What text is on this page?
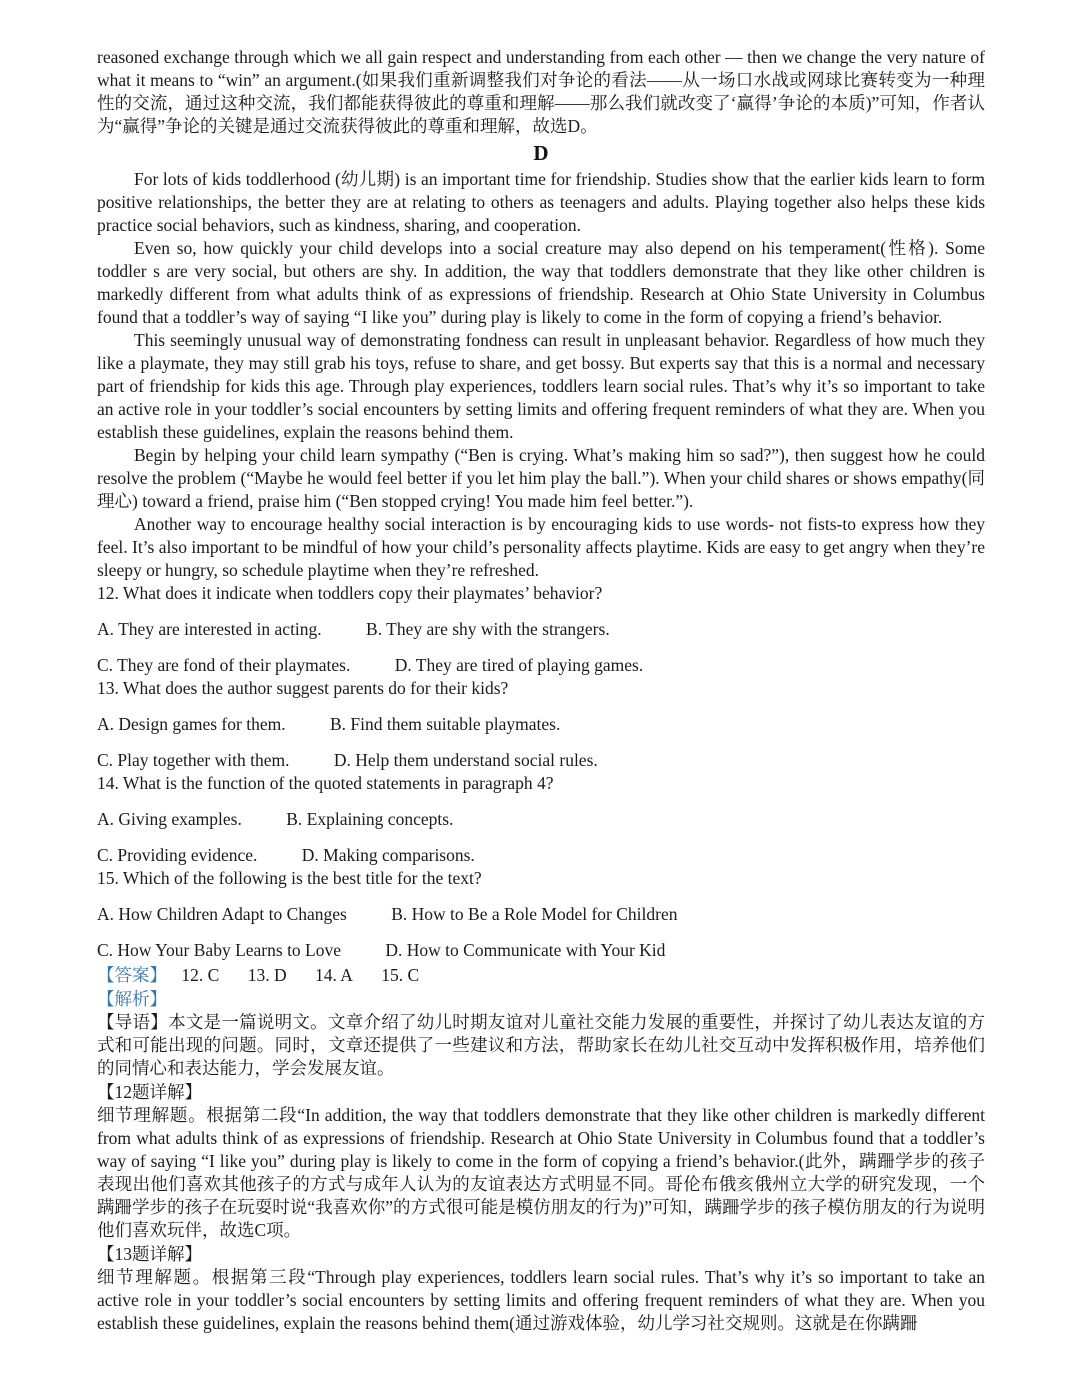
reasoned exchange through which we all gain respect and understanding from each other — then we change the very nature of what it means to “win” an argument.(如果我们重新调整我们对争论的看法——从一场口水战或网球比赛转变为一种理性的交流，通过这种交流，我们都能获得彼此的尊重和理解——那么我们就改变了‘赢得’争论的本质)”可知，作者认为“赢得”争论的关键是通过交流获得彼此的尊重和理解，故选D。

D

For lots of kids toddlerhood (幼儿期) is an important time for friendship. Studies show that the earlier kids learn to form positive relationships, the better they are at relating to others as teenagers and adults. Playing together also helps these kids practice social behaviors, such as kindness, sharing, and cooperation.

Even so, how quickly your child develops into a social creature may also depend on his temperament(性格). Some toddler s are very social, but others are shy. In addition, the way that toddlers demonstrate that they like other children is markedly different from what adults think of as expressions of friendship. Research at Ohio State University in Columbus found that a toddler’s way of saying “I like you” during play is likely to come in the form of copying a friend’s behavior.

This seemingly unusual way of demonstrating fondness can result in unpleasant behavior. Regardless of how much they like a playmate, they may still grab his toys, refuse to share, and get bossy. But experts say that this is a normal and necessary part of friendship for kids this age. Through play experiences, toddlers learn social rules. That’s why it’s so important to take an active role in your toddler’s social encounters by setting limits and offering frequent reminders of what they are. When you establish these guidelines, explain the reasons behind them.

Begin by helping your child learn sympathy (“Ben is crying. What’s making him so sad?”), then suggest how he could resolve the problem (“Maybe he would feel better if you let him play the ball.”). When your child shares or shows empathy(同理心) toward a friend, praise him (“Ben stopped crying! You made him feel better.”).

Another way to encourage healthy social interaction is by encouraging kids to use words- not fists-to express how they feel. It’s also important to be mindful of how your child’s personality affects playtime. Kids are easy to get angry when they’re sleepy or hungry, so schedule playtime when they’re refreshed.

12. What does it indicate when toddlers copy their playmates’ behavior?

A. They are interested in acting.	B. They are shy with the strangers.

C. They are fond of their playmates.	D. They are tired of playing games.

13. What does the author suggest parents do for their kids?

A. Design games for them.	B. Find them suitable playmates.

C. Play together with them.	D. Help them understand social rules.

14. What is the function of the quoted statements in paragraph 4?

A. Giving examples.	B. Explaining concepts.

C. Providing evidence.	D. Making comparisons.

15. Which of the following is the best title for the text?

A. How Children Adapt to Changes	B. How to Be a Role Model for Children

C. How Your Baby Learns to Love	D. How to Communicate with Your Kid

【答案】 12. C 13. D 14. A 15. C

【解析】

【导语】本文是一篇说明文。文章介绍了幼儿时期友谊对儿童社交能力发展的重要性，并探讨了幼儿表达友谊的方式和可能出现的问题。同时，文章还提供了一些建议和方法，帮助家长在幼儿社交互动中发挥积极作用，培养他们的同情心和表达能力，学会发展友谊。

【12题详解】

细节理解题。根据第二段“In addition, the way that toddlers demonstrate that they like other children is markedly different from what adults think of as expressions of friendship. Research at Ohio State University in Columbus found that a toddler’s way of saying “I like you” during play is likely to come in the form of copying a friend’s behavior.(此外，蹒跚学步的孩子表现出他们喜欢其他孩子的方式与成年人认为的友谊表达方式明显不同。哥伦布俄亥俄州立大学的研究发现，一个蹒跚学步的孩子在玩耍时说“我喜欢你”的方式很可能是模仿朋友的行为)”可知，蹒跚学步的孩子模仿朋友的行为说明他们喜欢玩伴，故选C项。

【13题详解】

细节理解题。根据第三段“Through play experiences, toddlers learn social rules. That’s why it’s so important to take an active role in your toddler’s social encounters by setting limits and offering frequent reminders of what they are. When you establish these guidelines, explain the reasons behind them(通过游戏体验，幼儿学习社交规则。这就是在你蹒跚
